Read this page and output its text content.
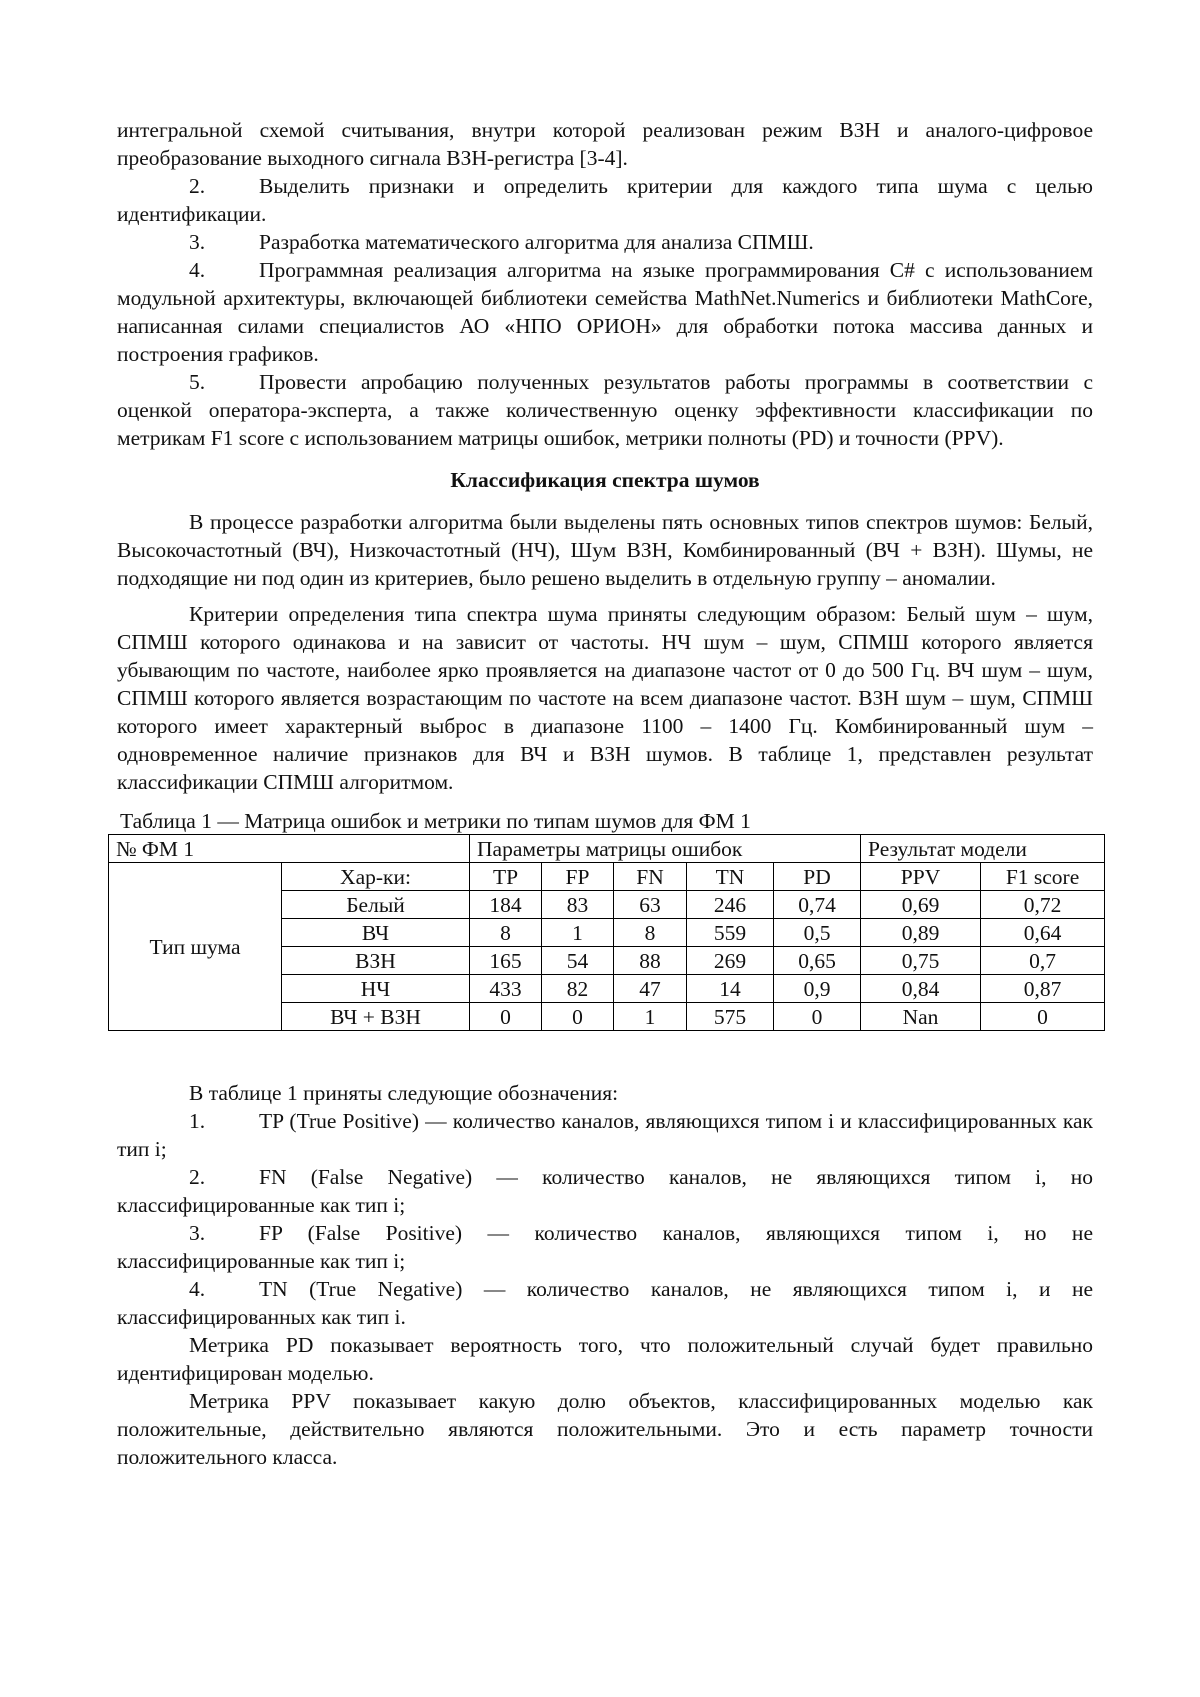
интегральной схемой считывания, внутри которой реализован режим ВЗН и аналого-цифровое преобразование выходного сигнала ВЗН-регистра [3-4].

2.	Выделить признаки и определить критерии для каждого типа шума с целью идентификации.

3.	Разработка математического алгоритма для анализа СПМШ.

4.	Программная реализация алгоритма на языке программирования C# с использованием модульной архитектуры, включающей библиотеки семейства MathNet.Numerics и библиотеки MathCore, написанная силами специалистов АО «НПО ОРИОН» для обработки потока массива данных и построения графиков.

5.	Провести апробацию полученных результатов работы программы в соответствии с оценкой оператора-эксперта, а также количественную оценку эффективности классификации по метрикам F1 score с использованием матрицы ошибок, метрики полноты (PD) и точности (PPV).

Классификация спектра шумов

В процессе разработки алгоритма были выделены пять основных типов спектров шумов: Белый, Высокочастотный (ВЧ), Низкочастотный (НЧ), Шум ВЗН, Комбинированный (ВЧ + ВЗН). Шумы, не подходящие ни под один из критериев, было решено выделить в отдельную группу – аномалии.

Критерии определения типа спектра шума приняты следующим образом: Белый шум – шум, СПМШ которого одинакова и на зависит от частоты. НЧ шум – шум, СПМШ которого является убывающим по частоте, наиболее ярко проявляется на диапазоне частот от 0 до 500 Гц. ВЧ шум – шум, СПМШ которого является возрастающим по частоте на всем диапазоне частот. ВЗН шум – шум, СПМШ которого имеет характерный выброс в диапазоне 1100 – 1400 Гц. Комбинированный шум – одновременное наличие признаков для ВЧ и ВЗН шумов. В таблице 1, представлен результат классификации СПМШ алгоритмом.

Таблица 1 — Матрица ошибок и метрики по типам шумов для ФМ 1

№ ФМ 1		Параметры матрицы ошибок					Результат модели	
Тип шума	Хар-ки:	TP	FP	FN	TN	PD	PPV	F1 score
	Белый	184	83	63	246	0,74	0,69	0,72
	ВЧ	8	1	8	559	0,5	0,89	0,64
	ВЗН	165	54	88	269	0,65	0,75	0,7
	НЧ	433	82	47	14	0,9	0,84	0,87
	ВЧ + ВЗН	0	0	1	575	0	Nan	0

В таблице 1 приняты следующие обозначения:

1.	TP (True Positive) — количество каналов, являющихся типом i и классифицированных как тип i;

2.	FN (False Negative) — количество каналов, не являющихся типом i, но классифицированные как тип i;

3.	FP (False Positive) — количество каналов, являющихся типом i, но не классифицированные как тип i;

4.	TN (True Negative) — количество каналов, не являющихся типом i, и не классифицированных как тип i.

Метрика PD показывает вероятность того, что положительный случай будет правильно идентифицирован моделью.

Метрика PPV показывает какую долю объектов, классифицированных моделью как положительные, действительно являются положительными. Это и есть параметр точности положительного класса.
